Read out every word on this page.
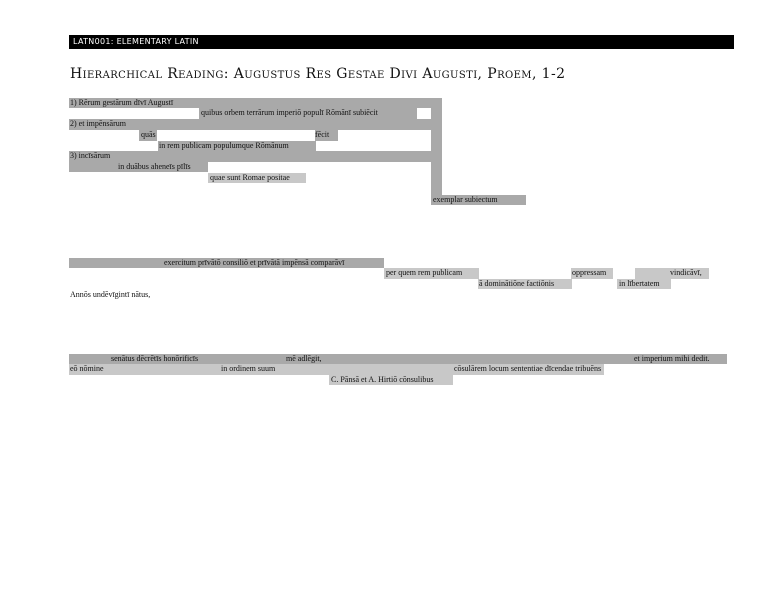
LATN001: ELEMENTARY LATIN
Hierarchical Reading: Augustus Res Gestae Divi Augusti, Proem, 1-2
1) Rērum gestārum dīvī Augustī
quibus orbem terrārum imperiō populī Rōmānī subiēcit
2) et impēnsārum
quās	fēcit
in rem publicam populumque Rōmānum
3) incīsārum
in duābus aheneīs pīlīs
quae sunt Romae positae
exemplar subiectum
exercitum prīvātō consiliō et prīvātā impēnsā comparāvī
per quem rem publicam	oppressam	vindicāvī,
ā dominātiōne factiōnis	in lībertatem
Annōs undēvīgintī nātus,
senātus dēcrētīs honōrificīs	mē adlēgit,	et imperium mihi dedit.
eō nōmine	in ordinem suum	cōsulārem locum sententiae dīcendae tribuēns
C. Pānsā et A. Hirtiō cōnsulibus
